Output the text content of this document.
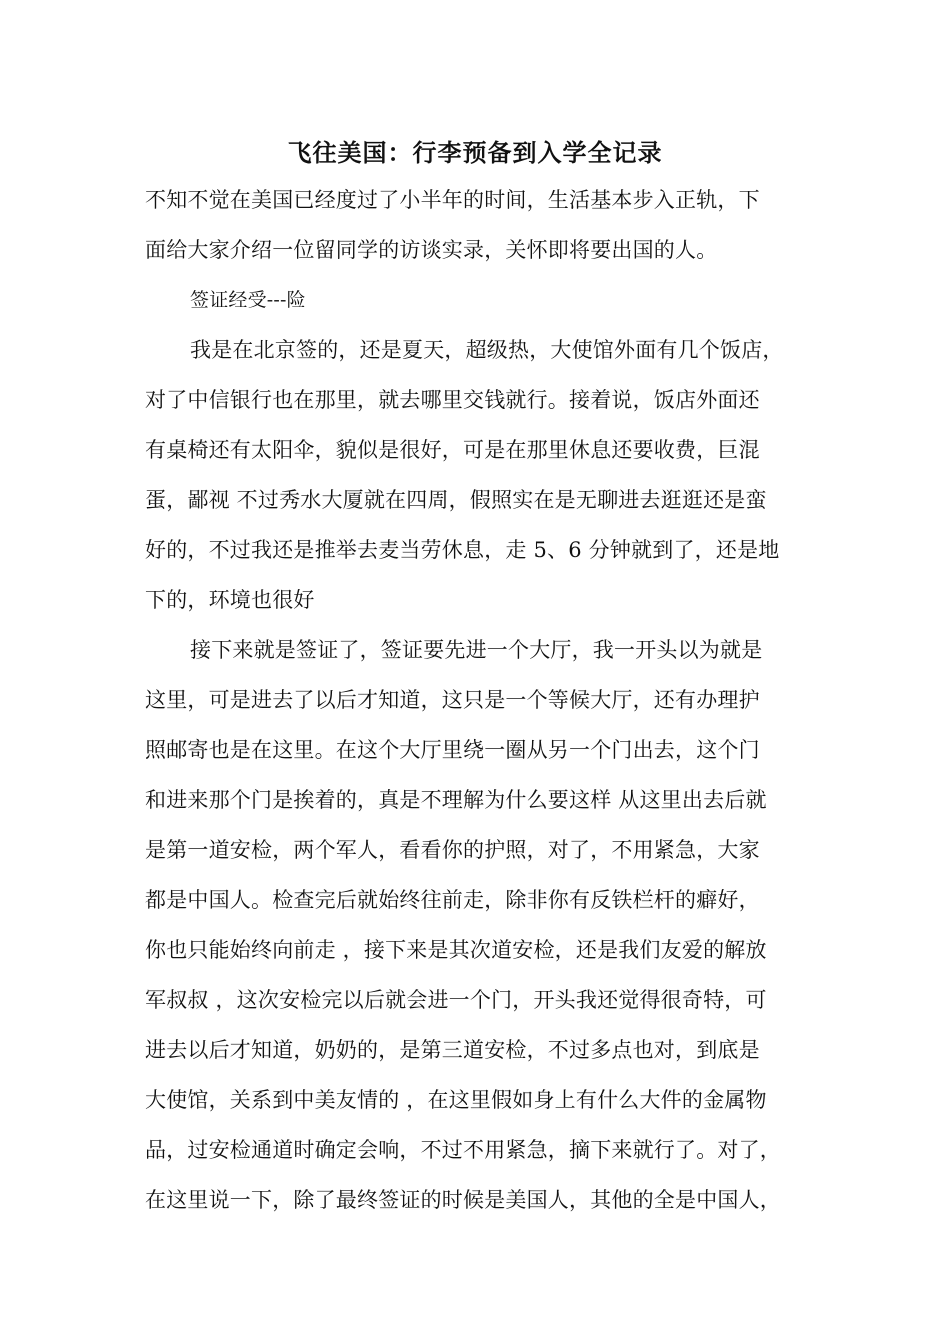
飞往美国：行李预备到入学全记录
不知不觉在美国已经度过了小半年的时间，生活基本步入正轨，下
面给大家介绍一位留同学的访谈实录，关怀即将要出国的人。
签证经受---险
我是在北京签的，还是夏天，超级热，大使馆外面有几个饭店，
对了中信银行也在那里，就去哪里交钱就行。接着说，饭店外面还
有桌椅还有太阳伞，貌似是很好，可是在那里休息还要收费，巨混
蛋，鄙视 不过秀水大厦就在四周，假照实在是无聊进去逛逛还是蛮
好的，不过我还是推举去麦当劳休息，走 5、6 分钟就到了，还是地
下的，环境也很好
接下来就是签证了，签证要先进一个大厅，我一开头以为就是
这里，可是进去了以后才知道，这只是一个等候大厅，还有办理护
照邮寄也是在这里。在这个大厅里绕一圈从另一个门出去，这个门
和进来那个门是挨着的，真是不理解为什么要这样 从这里出去后就
是第一道安检，两个军人，看看你的护照，对了，不用紧急，大家
都是中国人。检查完后就始终往前走，除非你有反铁栏杆的癖好，
你也只能始终向前走 ，接下来是其次道安检，还是我们友爱的解放
军叔叔 ，这次安检完以后就会进一个门，开头我还觉得很奇特，可
进去以后才知道，奶奶的，是第三道安检，不过多点也对，到底是
大使馆，关系到中美友情的 ，在这里假如身上有什么大件的金属物
品，过安检通道时确定会响，不过不用紧急，摘下来就行了。对了，
在这里说一下，除了最终签证的时候是美国人，其他的全是中国人，
